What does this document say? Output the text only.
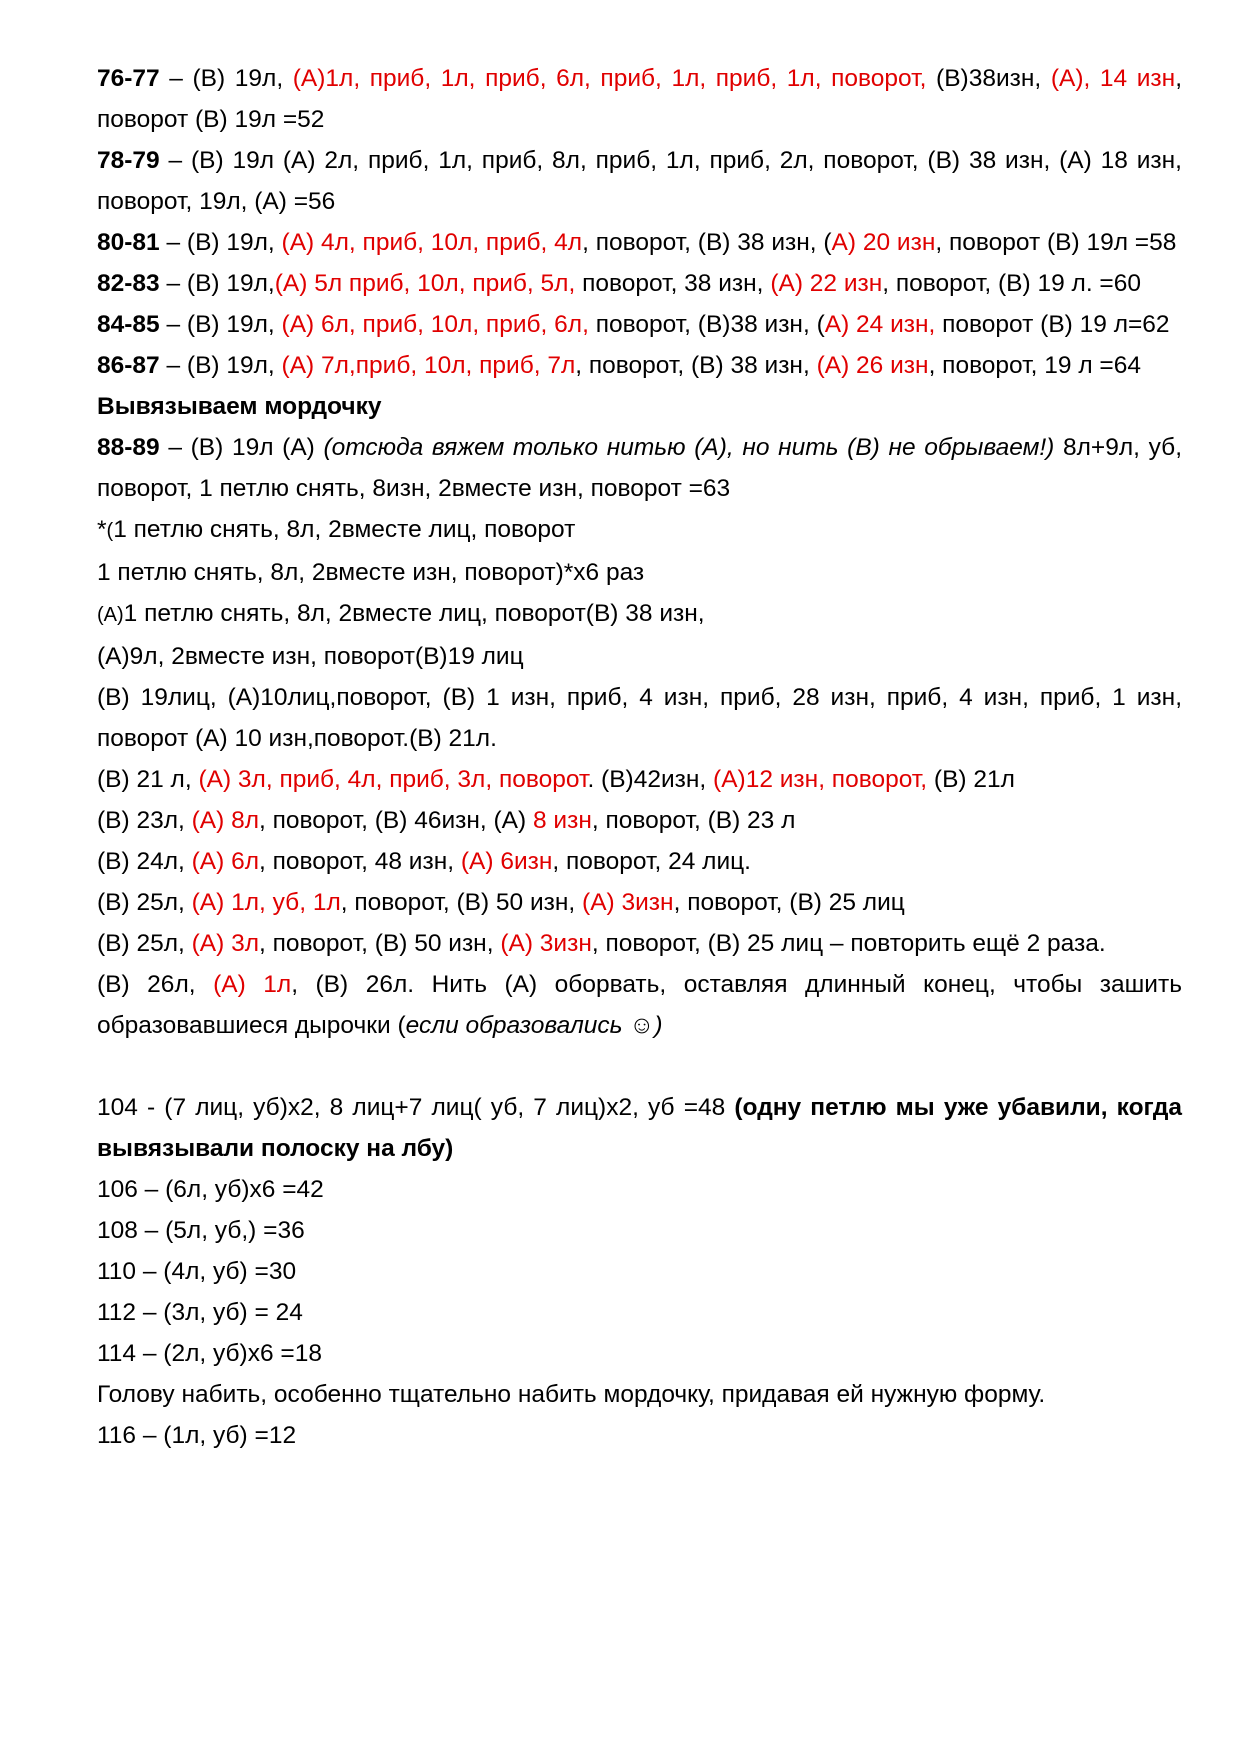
76-77 – (В) 19л, (А)1л, приб, 1л, приб, 6л, приб, 1л, приб, 1л, поворот, (В)38изн, (А), 14 изн, поворот (В) 19л =52

78-79 – (В) 19л (А) 2л, приб, 1л, приб, 8л, приб, 1л, приб, 2л, поворот, (В) 38 изн, (А) 18 изн, поворот, 19л, (А) =56

80-81 – (В) 19л, (А) 4л, приб, 10л, приб, 4л, поворот, (В) 38 изн, (А) 20 изн, поворот (В) 19л =58

82-83 – (В) 19л,(А) 5л приб, 10л, приб, 5л, поворот, 38 изн, (А) 22 изн, поворот, (В) 19 л. =60

84-85 – (В) 19л, (А) 6л, приб, 10л, приб, 6л, поворот, (В)38 изн, (А) 24 изн, поворот (В) 19 л=62

86-87 – (В) 19л, (А) 7л,приб, 10л, приб, 7л, поворот, (В) 38 изн, (А) 26 изн, поворот, 19 л =64

Вывязываем мордочку

88-89 – (В) 19л (А) (отсюда вяжем только нитью (А), но нить (В) не обрываем!) 8л+9л, уб, поворот, 1 петлю снять, 8изн, 2вместе изн, поворот =63

*(1 петлю снять, 8л, 2вместе лиц, поворот

1 петлю снять, 8л, 2вместе изн, поворот)*х6 раз

(А)1 петлю снять, 8л, 2вместе лиц, поворот(В) 38 изн,

(А)9л, 2вместе изн, поворот(В)19 лиц

(В) 19лиц, (А)10лиц,поворот, (В) 1 изн, приб, 4 изн, приб, 28 изн, приб, 4 изн, приб, 1 изн, поворот (А) 10 изн,поворот.(В) 21л.

(В) 21 л, (А) 3л, приб, 4л, приб, 3л, поворот. (В)42изн, (А)12 изн, поворот, (В) 21л

(В) 23л, (А) 8л, поворот, (В) 46изн, (А) 8 изн, поворот, (В) 23 л

(В) 24л, (А) 6л, поворот, 48 изн, (А) 6изн, поворот, 24 лиц.

(В) 25л, (А) 1л, уб, 1л, поворот, (В) 50 изн, (А) 3изн, поворот, (В) 25 лиц

(В) 25л, (А) 3л, поворот, (В) 50 изн, (А) 3изн, поворот, (В) 25 лиц – повторить ещё 2 раза.

(В) 26л, (А) 1л, (В) 26л. Нить (А) оборвать, оставляя длинный конец, чтобы зашить образовавшиеся дырочки (если образовались ☺)

104 - (7 лиц, уб)х2, 8 лиц+7 лиц( уб, 7 лиц)х2, уб =48 (одну петлю мы уже убавили, когда вывязывали полоску на лбу)

106 – (6л, уб)х6 =42

108 – (5л, уб,) =36

110 – (4л, уб) =30

112 – (3л, уб) = 24

114 – (2л, уб)х6 =18

Голову набить, особенно тщательно набить мордочку, придавая ей нужную форму.

116 – (1л, уб) =12
